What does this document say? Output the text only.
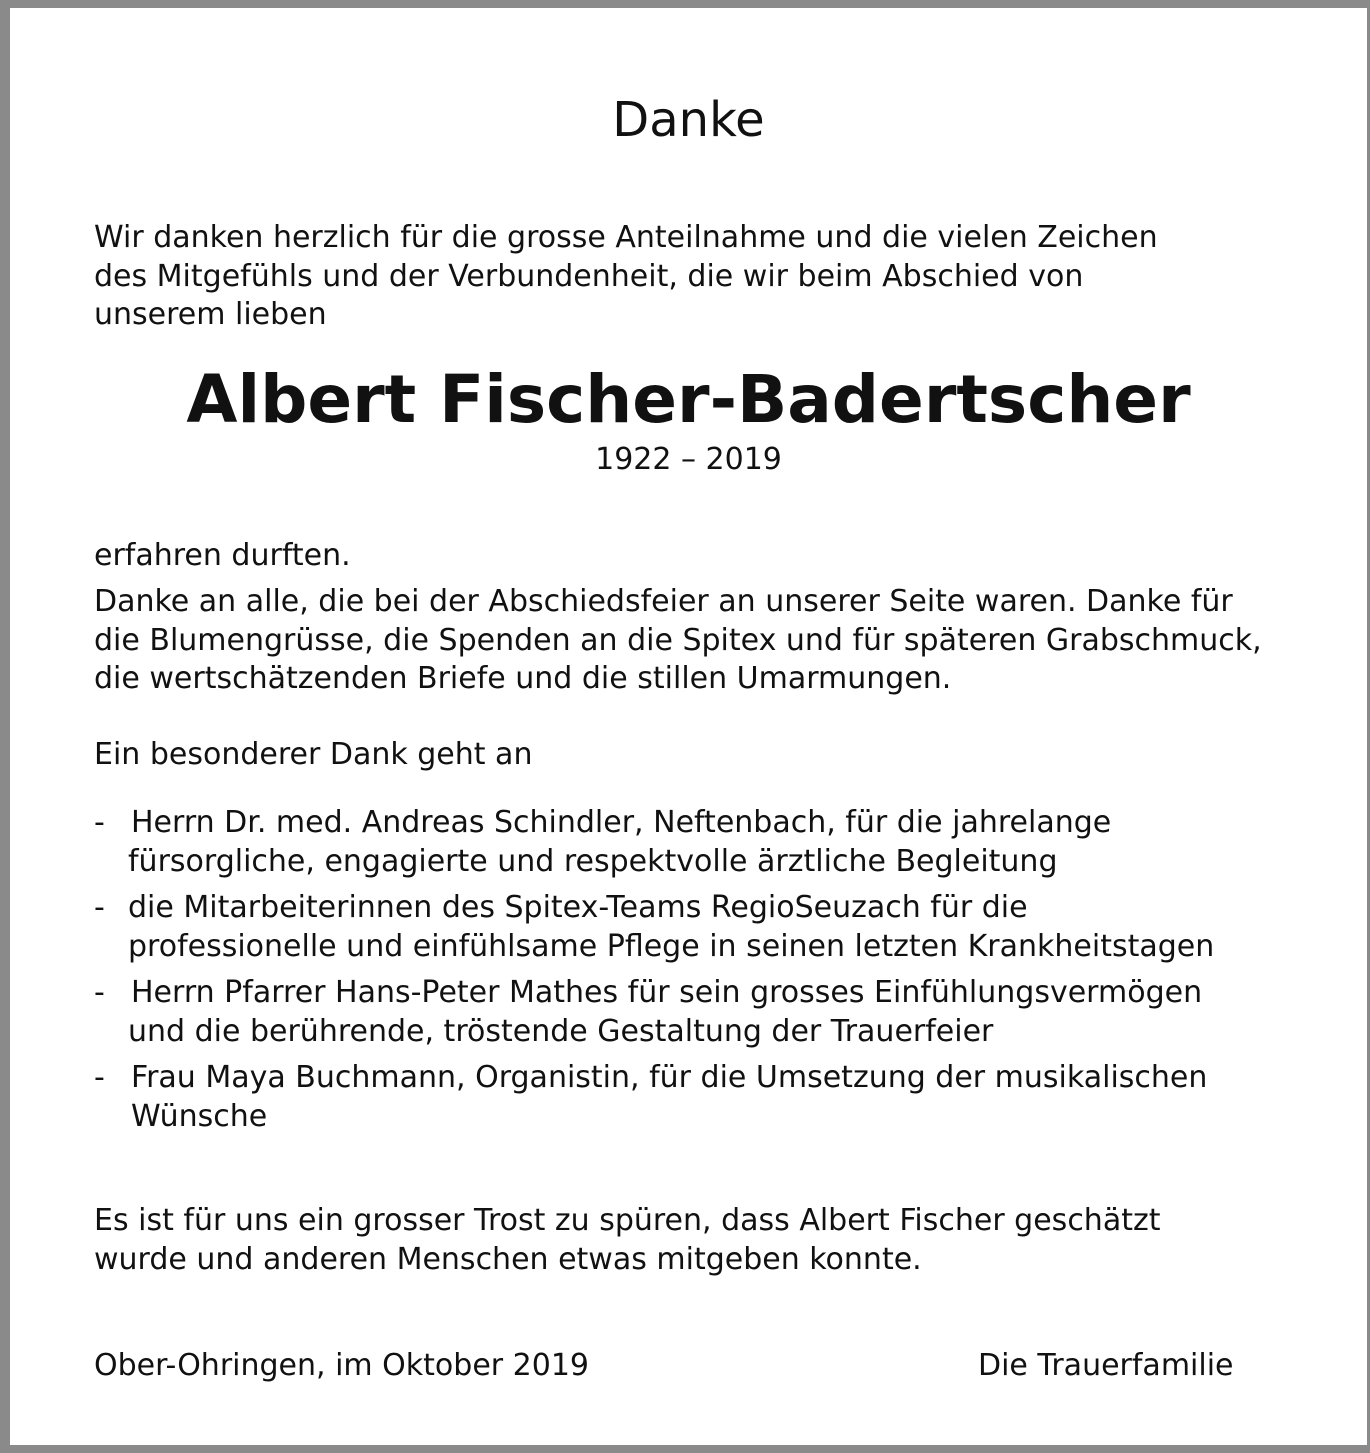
Danke
Wir danken herzlich für die grosse Anteilnahme und die vielen Zeichen
des Mitgefühls und der Verbundenheit, die wir beim Abschied von
unserem lieben
Albert Fischer-Badertscher
1922 – 2019

erfahren durften.

Danke an alle, die bei der Abschiedsfeier an unserer Seite waren. Danke für
die Blumengrüsse, die Spenden an die Spitex und für späteren Grabschmuck,
die wertschätzenden Briefe und die stillen Umarmungen.

Ein besonderer Dank geht an

- Herrn Dr. med. Andreas Schindler, Neftenbach, für die jahrelange
fürsorgliche, engagierte und respektvolle ärztliche Begleitung
- die Mitarbeiterinnen des Spitex-Teams RegioSeuzach für die
professionelle und einfühlsame Pflege in seinen letzten Krankheitstagen
- Herrn Pfarrer Hans-Peter Mathes für sein grosses Einfühlungsvermögen
und die berührende, tröstende Gestaltung der Trauerfeier
- Frau Maya Buchmann, Organistin, für die Umsetzung der musikalischen
Wünsche
Es ist für uns ein grosser Trost zu spüren, dass Albert Fischer geschätzt
wurde und anderen Menschen etwas mitgeben konnte.

Ober-Ohringen, im Oktober 2019	Die Trauerfamilie
